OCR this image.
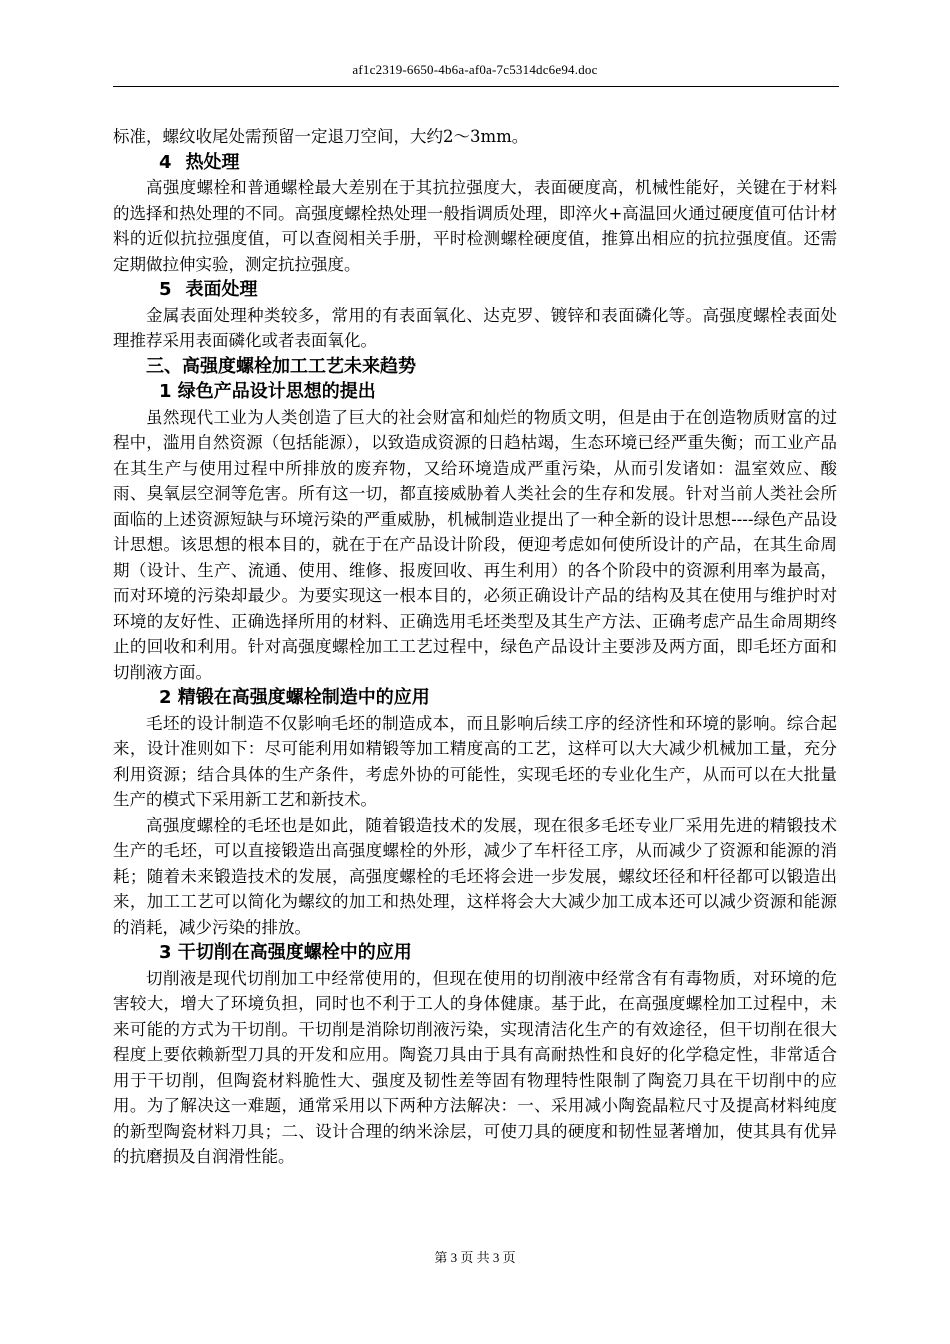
af1c2319-6650-4b6a-af0a-7c5314dc6e94.doc

标准，螺纹收尾处需预留一定退刀空间，大约2～3mm。

4 热处理

高强度螺栓和普通螺栓最大差别在于其抗拉强度大，表面硬度高，机械性能好，关键在于材料的选择和热处理的不同。高强度螺栓热处理一般指调质处理，即淬火+高温回火通过硬度值可估计材料的近似抗拉强度值，可以查阅相关手册，平时检测螺栓硬度值，推算出相应的抗拉强度值。还需定期做拉伸实验，测定抗拉强度。

5 表面处理

金属表面处理种类较多，常用的有表面氧化、达克罗、镀锌和表面磷化等。高强度螺栓表面处理推荐采用表面磷化或者表面氧化。

三、高强度螺栓加工工艺未来趋势

1 绿色产品设计思想的提出

虽然现代工业为人类创造了巨大的社会财富和灿烂的物质文明，但是由于在创造物质财富的过程中，滥用自然资源（包括能源），以致造成资源的日趋枯竭，生态环境已经严重失衡；而工业产品在其生产与使用过程中所排放的废弃物，又给环境造成严重污染，从而引发诸如：温室效应、酸雨、臭氧层空洞等危害。所有这一切，都直接威胁着人类社会的生存和发展。针对当前人类社会所面临的上述资源短缺与环境污染的严重威胁，机械制造业提出了一种全新的设计思想----绿色产品设计思想。该思想的根本目的，就在于在产品设计阶段，便迎考虑如何使所设计的产品，在其生命周期（设计、生产、流通、使用、维修、报废回收、再生利用）的各个阶段中的资源利用率为最高，而对环境的污染却最少。为要实现这一根本目的，必须正确设计产品的结构及其在使用与维护时对环境的友好性、正确选择所用的材料、正确选用毛坯类型及其生产方法、正确考虑产品生命周期终止的回收和利用。针对高强度螺栓加工工艺过程中，绿色产品设计主要涉及两方面，即毛坯方面和切削液方面。

2 精锻在高强度螺栓制造中的应用

毛坯的设计制造不仅影响毛坯的制造成本，而且影响后续工序的经济性和环境的影响。综合起来，设计准则如下：尽可能利用如精锻等加工精度高的工艺，这样可以大大减少机械加工量，充分利用资源；结合具体的生产条件，考虑外协的可能性，实现毛坯的专业化生产，从而可以在大批量生产的模式下采用新工艺和新技术。

高强度螺栓的毛坯也是如此，随着锻造技术的发展，现在很多毛坯专业厂采用先进的精锻技术生产的毛坯，可以直接锻造出高强度螺栓的外形，减少了车杆径工序，从而减少了资源和能源的消耗；随着未来锻造技术的发展，高强度螺栓的毛坯将会进一步发展，螺纹坯径和杆径都可以锻造出来，加工工艺可以简化为螺纹的加工和热处理，这样将会大大减少加工成本还可以减少资源和能源的消耗，减少污染的排放。

3 干切削在高强度螺栓中的应用

切削液是现代切削加工中经常使用的，但现在使用的切削液中经常含有有毒物质，对环境的危害较大，增大了环境负担，同时也不利于工人的身体健康。基于此，在高强度螺栓加工过程中，未来可能的方式为干切削。干切削是消除切削液污染，实现清洁化生产的有效途径，但干切削在很大程度上要依赖新型刀具的开发和应用。陶瓷刀具由于具有高耐热性和良好的化学稳定性，非常适合用于干切削，但陶瓷材料脆性大、强度及韧性差等固有物理特性限制了陶瓷刀具在干切削中的应用。为了解决这一难题，通常采用以下两种方法解决：一、采用减小陶瓷晶粒尺寸及提高材料纯度的新型陶瓷材料刀具；二、设计合理的纳米涂层，可使刀具的硬度和韧性显著增加，使其具有优异的抗磨损及自润滑性能。

第 3 页 共 3 页
